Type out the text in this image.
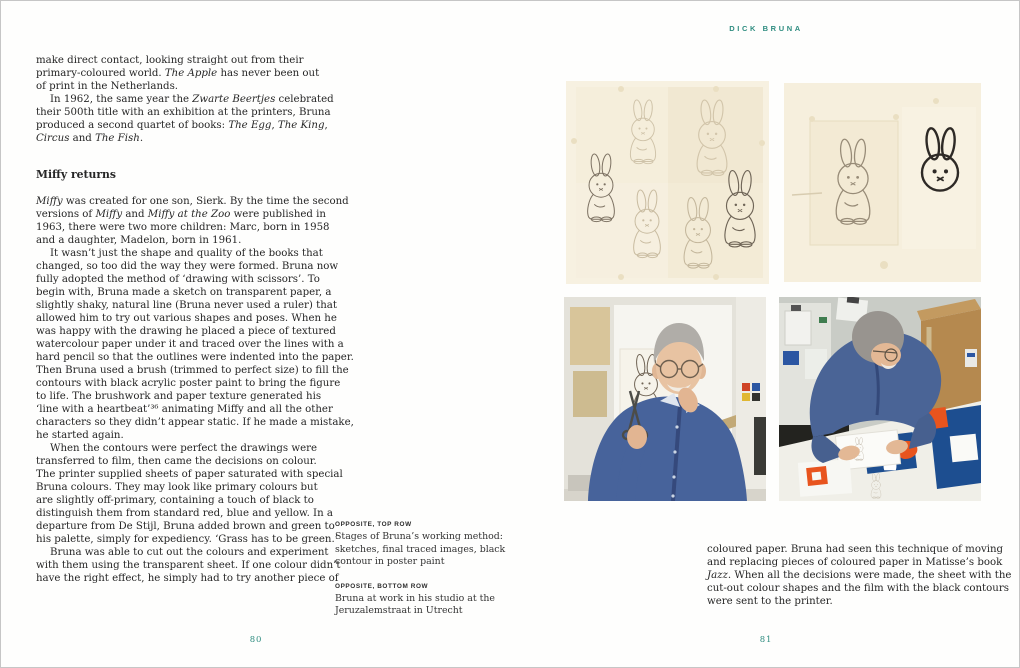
make direct contact, looking straight out from their
primary-coloured world. The Apple has never been out
of print in the Netherlands.
In 1962, the same year the Zwarte Beertjes celebrated
their 500th title with an exhibition at the printers, Bruna
produced a second quartet of books: The Egg, The King,
Circus and The Fish.
Miffy returns
Miffy was created for one son, Sierk. By the time the second
versions of Miffy and Miffy at the Zoo were published in
1963, there were two more children: Marc, born in 1958
and a daughter, Madelon, born in 1961.
It wasn’t just the shape and quality of the books that
changed, so too did the way they were formed. Bruna now
fully adopted the method of ‘drawing with scissors’. To
begin with, Bruna made a sketch on transparent paper, a
slightly shaky, natural line (Bruna never used a ruler) that
allowed him to try out various shapes and poses. When he
was happy with the drawing he placed a piece of textured
watercolour paper under it and traced over the lines with a
hard pencil so that the outlines were indented into the paper.
Then Bruna used a brush (trimmed to perfect size) to fill the
contours with black acrylic poster paint to bring the figure
to life. The brushwork and paper texture generated his
‘line with a heartbeat’³⁶ animating Miffy and all the other
characters so they didn’t appear static. If he made a mistake,
he started again.
When the contours were perfect the drawings were
transferred to film, then came the decisions on colour.
The printer supplied sheets of paper saturated with special
Bruna colours. They may look like primary colours but
are slightly off-primary, containing a touch of black to
distinguish them from standard red, blue and yellow. In a
departure from De Stijl, Bruna added brown and green to
his palette, simply for expediency. ‘Grass has to be green.’
Bruna was able to cut out the colours and experiment
with them using the transparent sheet. If one colour didn’t
have the right effect, he simply had to try another piece of
OPPOSITE, TOP ROW
Stages of Bruna’s working method:
sketches, final traced images, black
contour in poster paint
OPPOSITE, BOTTOM ROW
Bruna at work in his studio at the
Jeruzalemstraat in Utrecht
80
DICK BRUNA
coloured paper. Bruna had seen this technique of moving
and replacing pieces of coloured paper in Matisse’s book
Jazz. When all the decisions were made, the sheet with the
cut-out colour shapes and the film with the black contours
were sent to the printer.
81
